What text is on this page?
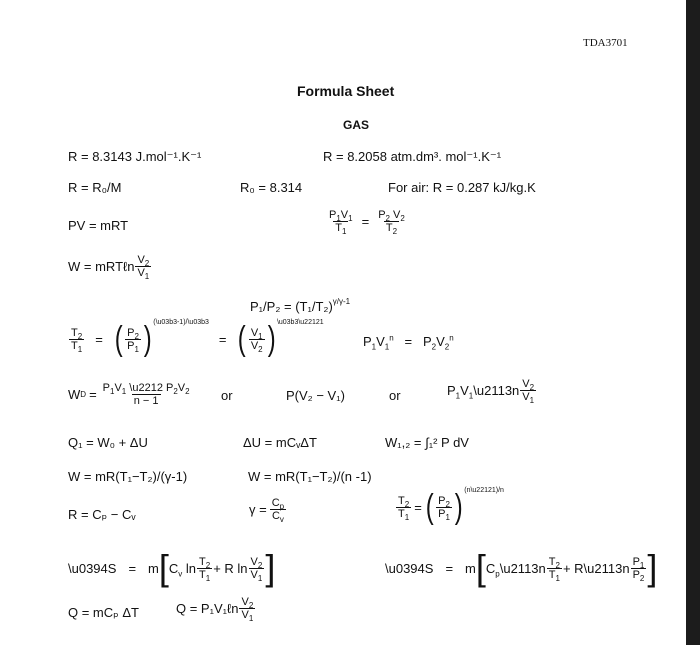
TDA3701
Formula Sheet
GAS
R = 8.3143 J.mol⁻¹.K⁻¹	R = 8.2058 atm.dm³. mol⁻¹.K⁻¹
R = R₀/M	R₀ = 8.314	For air: R = 0.287 kJ/kg.K
PV = mRT	$\frac{P_1V_1}{T_1} = \frac{P_2 V_2}{T_2}$
W = mRTℓn $\frac{V_2}{V_1}$
$P_1/P_2 = (T_1/T_2)^{\gamma/\gamma-1}$
$\frac{T_2}{T_1}$ = ( $\frac{P_2}{P_1} )^{(\backslash u03b3-1)/\backslash u03b3}$
= ( $\frac{V_1}{V_2} )^{\backslash u03b3\backslash u22121}$
$P_1V_1^n = P_2V_2^n$
W $D = \frac{P_1V_1 \backslash u2212 P_2V_2}{n - 1}$ or	P(V₂ − V₁)	or	$P_1V_1\backslash u2113n \frac{V_2}{V_1}$
Q₁ = W₀ + ΔU	ΔU = mCᵥΔT	W₁,₂ = ∫₁² P dV
W = mR(T₁−T₂)/(γ-1)	W = mR(T₁−T₂)/(n -1)
R = Cₚ − Cᵥ	$\gamma = \frac{C_p}{C_v}$	$\frac{T_2}{T_1}$ = ( $\frac{P_2}{P_1} )^{(n\backslash u22121)/n}$
\u0394S = m [ $C_v$ $\ln \frac{T_2}{T_1} + R$ $\ln \frac{V_2}{V_1}$ ]	\u0394S = m [ $C_p\backslash u2113n \frac{T_2}{T_1}$ + R\u2113n $\frac{P_1}{P_2}$ ]
Q = mCₚ ΔT	Q = P₁V₁ℓn $\frac{V_2}{V_1}$
